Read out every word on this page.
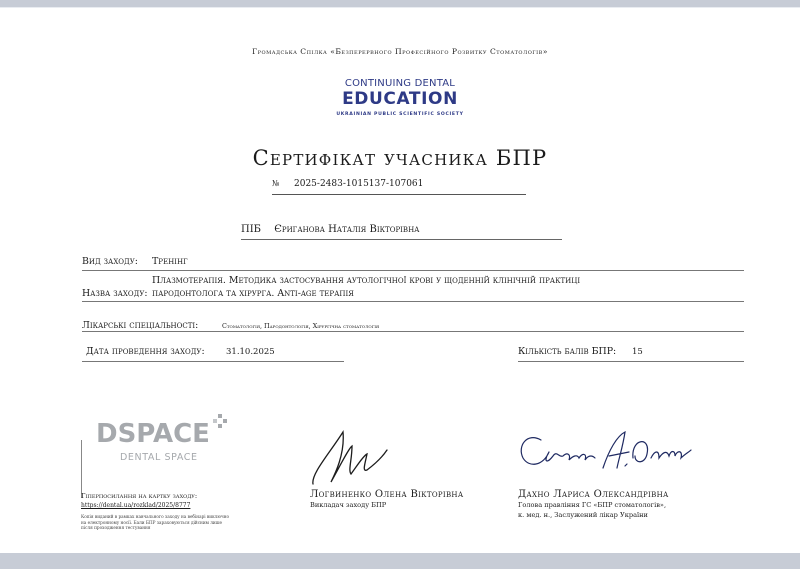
Громадська Спілка «Безперервного Професійного Розвитку Стоматологів»
CONTINUING DENTAL
EDUCATION
UKRAINIAN PUBLIC SCIENTIFIC SOCIETY
Сертифікат учасника БПР
№ 2025-2483-1015137-107061
ПІБ Єриганова Наталія Вікторівна
Вид заходу: Тренінг
Плазмотерапія. Методика застосування аутологічної крові у щоденній клінічній практиці
Назва заходу: пародонтолога та хірурга. Anti-age терапія
Лікарські спеціальності:	Стоматологія, Пародонтологія, Хірургічна стоматологія
Дата проведення заходу:	31.10.2025	Кількість балів БПР: 15
DSPACE
DENTAL SPACE
Гіперпосилання на картку заходу:
https://dental.ua/rozklad/2025/8777
Копія виданий в рамках навчального заходу на вебінарі виключно
на електронному носії. Бали БПР зараховуються дійсним лише
після проходження тестування
Логвиненко Олена Вікторівна
Викладач заходу БПР
Дахно Лариса Олександрівна
Голова правління ГС «БПР стоматологів»,
к. мед. н., Заслужений лікар України
